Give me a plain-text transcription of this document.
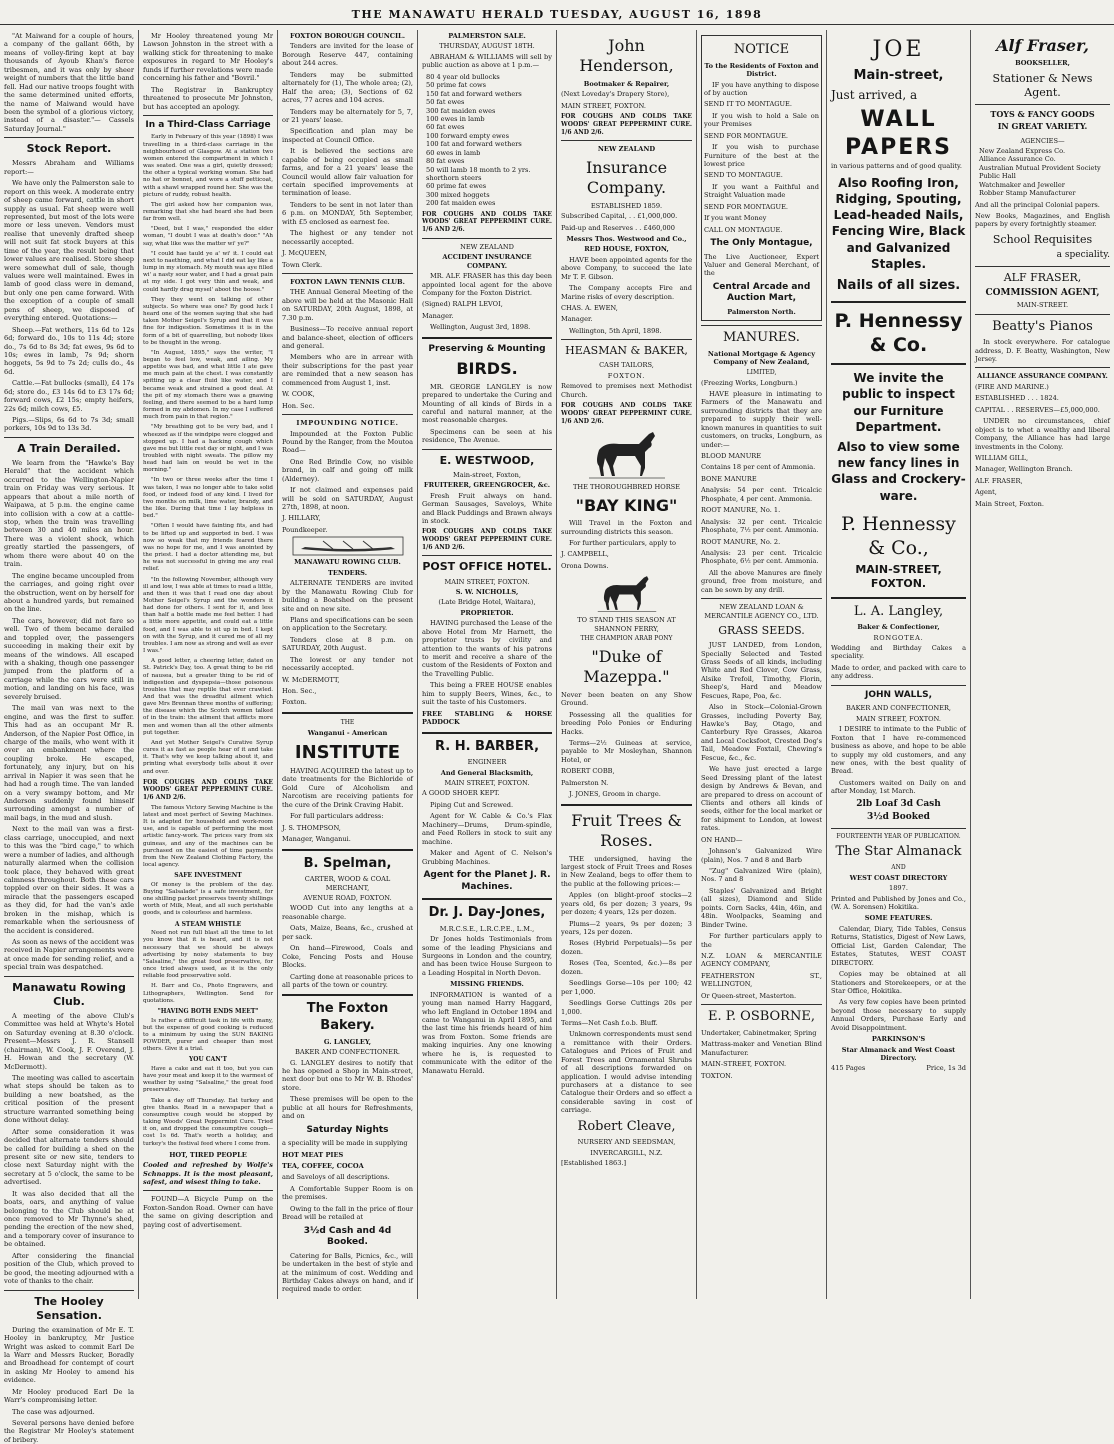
THE MANAWATU HERALD TUESDAY, AUGUST 16, 1898

"At Maiwand for a couple of hours, a company of the gallant 66th, by means of volley-firing kept at bay thousands of Ayoub Khan's fierce tribesmen, and it was only by sheer weight of numbers that the little band fell. Had our native troops fought with the same determined united efforts, the name of Maiwand would have been the symbol of a glorious victory, instead of a disaster."— Cassels Saturday Journal."

Stock Report.

Messrs Abraham and Williams report:—

We have only the Palmerston sale to report on this week. A moderate entry of sheep came forward, cattle in short supply as usual. Fat sheep were well represented, but most of the lots were more or less uneven. Vendors must realise that unevenly drafted sheep will not suit fat stock buyers at this time of the year, the result being that lower values are realised. Store sheep were somewhat dull of sale, though values were well maintained. Ewes in lamb of good class were in demand, but only one pen came forward. With the exception of a couple of small pens of sheep, we disposed of everything entered. Quotations:—

Sheep.—Fat wethers, 11s 6d to 12s 6d; forward do., 10s to 11s 4d; store do., 7s 6d to 8s 3d; fat ewes, 9s 6d to 10s; ewes in lamb, 7s 9d; shorn hoggets, 5s 9d to 7s 2d; culls do., 4s 6d.

Cattle.—Fat bullocks (small), £4 17s 6d; store do., £3 14s 6d to £3 17s 6d; forward cows, £2 15s; empty heifers, 22s 6d; milch cows, £5.

Pigs.—Slips, 6s 6d to 7s 3d; small porkers, 10s 9d to 13s 3d.

A Train Derailed.

We learn from the "Hawke's Bay Herald" that the accident which occurred to the Wellington-Napier train on Friday was very serious. It appears that about a mile north of Waipawa, at 5 p.m. the engine came into collision with a cow at a cattle-stop, when the train was travelling between 30 and 40 miles an hour. There was a violent shock, which greatly startled the passengers, of whom there were about 40 on the train.

The engine became uncoupled from the carriages, and going right over the obstruction, went on by herself for about a hundred yards, but remained on the line.

The cars, however, did not fare so well. Two of them became derailed and toppled over, the passengers succeeding in making their exit by means of the windows. All escaped with a shaking, though one passenger jumped from the platform of a carriage while the cars were still in motion, and landing on his face, was severely bruised.

The mail van was next to the engine, and was the first to suffer. This had as an occupant Mr R. Anderson, of the Napier Post Office, in charge of the mails, who went with it over an embankment where the coupling broke. He escaped, fortunately, any injury, but on his arrival in Napier it was seen that he had had a rough time. The van landed on a very swampy bottom, and Mr Anderson suddenly found himself surrounding amongst a number of mail bags, in the mud and slush.

Next to the mail van was a first-class carriage, unoccupied, and next to this was the "bird cage," to which were a number of ladies, and although naturally alarmed when the collision took place, they behaved with great calmness throughout. Both these cars toppled over on their sides. It was a miracle that the passengers escaped as they did, for had the van's axle broken in the mishap, which is remarkable when the seriousness of the accident is considered.

As soon as news of the accident was received in Napier arrangements were at once made for sending relief, and a special train was despatched.

Manawatu Rowing Club.

A meeting of the above Club's Committee was held at Whyte's Hotel on Saturday evening at 8.30 o'clock. Present—Messrs J. R. Stansell (chairman), W. Cook, J. F. Overend, J. H. Howan and the secretary (W. McDermott).

The meeting was called to ascertain what steps should be taken as to building a new boatshed, as the critical position of the present structure warranted something being done without delay.

After some consideration it was decided that alternate tenders should be called for building a shed on the present site or new site, tenders to close next Saturday night with the secretary at 5 o'clock, the same to be advertised.

It was also decided that all the boats, oars, and anything of value belonging to the Club should be at once removed to Mr Thynne's shed, pending the erection of the new shed, and a temporary cover of insurance to be obtained.

After considering the financial position of the Club, which proved to be good, the meeting adjourned with a vote of thanks to the chair.

The Hooley Sensation.

During the examination of Mr E. T. Hooley in bankruptcy, Mr Justice Wright was asked to commit Earl De la Warr and Messrs Rucker, Boradly and Broadhead for contempt of court in asking Mr Hooley to amend his evidence.

Mr Hooley produced Earl De la Warr's compromising letter.

The case was adjourned.

Several persons have denied before the Registrar Mr Hooley's statement of bribery.

Mr Hooley threatened young Mr Lawson Johnston in the street with a walking stick for threatening to make exposures in regard to Mr Hooley's funds if further revelations were made concerning his father and "Bovril."

The Registrar in Bankruptcy threatened to prosecute Mr Johnston, but has accepted an apology.

In a Third-Class Carriage

Early in February of this year (1898) I was travelling in a third-class carriage in the neighbourhood of Glasgow. At a station two women entered the compartment in which I was seated. One was a girl, quietly dressed; the other a typical working woman. She had no hat or bonnet, and wore a stuff petticoat, with a shawl wrapped round her. She was the picture of ruddy, robust health.

The girl asked how her companion was, remarking that she had heard she had been far from well.

"Deed, but I was," responded the elder woman, "I doubt I was at death's door." "Ah say, what like was the matter wi' ye?"

"I could hae tauld ye a' wi' it. I could eat next to naething, and what I did eat lay like a lump in my stomach. My mouth was aye filled wi' a nasty sour water, and I had a great pain at my side. I got very thin and weak, and could hardly drag mysel' aboot the hoose."

They they went on talking of other subjects. So where was one? By good luck I heard one of the women saying that she had taken Mother Seigel's Syrup and that it was fine for indigestion. Sometimes it is in the form of a bit of quarrelling, but nobody likes to be thought in the wrong.

"In August, 1895," says the writer, "I began to feel low, weak, and ailing. My appetite was bad, and what little I ate gave me much pain at the chest. I was constantly spitting up a clear fluid like water, and I became weak and strained a good deal. At the pit of my stomach there was a gnawing feeling, and there seemed to be a hard lump formed in my abdomen. In my case I suffered much from pain in that region."

"My breathing got to be very bad, and I wheezed as if the windpipe were clogged and stopped up. I had a hacking cough which gave me but little rest day or night, and I was troubled with night sweats. The pillow my head had lain on would be wet in the morning."

"In two or three weeks after the time I was taken, I was no longer able to take solid food, or indeed food of any kind. I lived for two months on milk, lime water, brandy, and the like. During that time I lay helpless in bed."

"Often I would have fainting fits, and had to be lifted up and supported in bed. I was now so weak that my friends feared there was no hope for me, and I was anointed by the priest. I had a doctor attending me, but he was not successful in giving me any real relief.

"In the following November, although very ill and low, I was able at times to read a little, and then it was that I read one day about Mother Seigel's Syrup and the wonders it had done for others. I sent for it, and less than half a bottle made me feel better. I had a little more appetite, and could eat a little food, and I was able to sit up in bed. I kept on with the Syrup, and it cured me of all my troubles. I am now as strong and well as ever I was."

A good letter, a cheering letter, dated on St. Patrick's Day, too. A great thing to be rid of nausea, but a greater thing to be rid of indigestion and dyspepsia—those poisonous troubles that may reptile that ever crawled. And that was the dreadful ailment which gave Mrs Brennan three months of suffering; the disease which the Scotch women talked of in the train: the ailment that afflicts more men and women than all the other ailments put together.

And yet Mother Seigel's Curative Syrup cures it as fast as people hear of it and take it. That's why we keep talking about it, and printing what everybody tells about it over and over.

FOR COUGHS AND COLDS TAKE WOODS' GREAT PEPPERMINT CURE. 1/6 AND 2/6.

The famous Victory Sewing Machine is the latest and most perfect of Sewing Machines. It is adapted for household and work-room use, and is capable of performing the most artistic fancy-work. The prices vary from six guineas, and any of the machines can be purchased on the easiest of time payments from the New Zealand Clothing Factory, the local agency.

SAFE INVESTMENT

Of money is the problem of the day. Buying "Salsalade" is a safe investment, for one shilling packet preserves twenty shillings worth of Milk, Meat, and all such perishable goods, and is colourless and harmless.

A STEAM WHISTLE

Need not run full blast all the time to let you know that it is heard, and it is not necessary that we should be always advertising by noisy statements to buy "Salsaline," the great food preservative, for once tried always used, as it is the only reliable food preservative sold.

H. Barr and Co., Photo Engravers, and Lithographers, Wellington. Send for quotations.

"HAVING BOTH ENDS MEET"

Is rather a difficult task in life with many, but the expense of good cooking is reduced to a minimum by using the SUN BAKING POWDER, purer and cheaper than most others. Give it a trial.

YOU CAN'T

Have a cake and eat it too, but you can have your meat and keep it to the warmest of weather by using "Salsaline," the great food preservative.

Take a day off Thursday. Eat turkey and give thanks. Read in a newspaper that a consumptive cough would be stopped by taking Woods' Great Peppermint Cure. Tried it on, and dropped the consumptive cough—cost 1s 6d. That's worth a holiday, and turkey's the festival feed where I come from.

HOT, TIRED PEOPLE

Cooled and refreshed by Wolfe's Schnapps. It is the most pleasant, safest, and wisest thing to take.

FOUND—A Bicycle Pump on the Foxton-Sandon Road. Owner can have the same on giving description and paying cost of advertisement.

FOXTON BOROUGH COUNCIL.

Tenders are invited for the lease of Borough Reserve 447, containing about 244 acres.

Tenders may be submitted alternately for (1), The whole area; (2), Half the area; (3), Sections of 62 acres, 77 acres and 104 acres.

Tenders may be alternately for 5, 7, or 21 years' lease.

Specification and plan may be inspected at Council Office.

It is believed the sections are capable of being occupied as small farms, and for a 21 years' lease the Council would allow fair valuation for certain specified improvements at termination of lease.

Tenders to be sent in not later than 6 p.m. on MONDAY, 5th September, with £5 enclosed as earnest fee.

The highest or any tender not necessarily accepted.

J. McQUEEN,

Town Clerk.

FOXTON LAWN TENNIS CLUB.

THE Annual General Meeting of the above will be held at the Masonic Hall on SATURDAY, 20th August, 1898, at 7.30 p.m.

Business—To receive annual report and balance-sheet, election of officers and general.

Members who are in arrear with their subscriptions for the past year are reminded that a new season has commenced from August 1, inst.

W. COOK,

Hon. Sec.

IMPOUNDING NOTICE.

Impounded at the Foxton Public Pound by the Ranger, from the Moutoa Road—

One Red Brindle Cow, no visible brand, in calf and going off milk (Alderney).

If not claimed and expenses paid will be sold on SATURDAY, August 27th, 1898, at noon.

J. HILLARY,

Poundkeeper.

MANAWATU ROWING CLUB.
TENDERS.

ALTERNATE TENDERS are invited by the Manawatu Rowing Club for building a Boatshed on the present site and on new site.

Plans and specifications can be seen on application to the Secretary.

Tenders close at 8 p.m. on SATURDAY, 20th August.

The lowest or any tender not necessarily accepted.

W. McDERMOTT,

Hon. Sec.,

Foxton.

THE
Wanganui - American
INSTITUTE

HAVING ACQUIRED the latest up to date treatments for the Bichloride of Gold Cure of Alcoholism and Narcotism are receiving patients for the cure of the Drink Craving Habit.

For full particulars address:

J. S. THOMPSON,

Manager, Wanganui.

B. Spelman,
CARTER, WOOD & COAL MERCHANT,
AVENUE ROAD, FOXTON.

WOOD Cut into any lengths at a reasonable charge.

Oats, Maize, Beans, &c., crushed at per sack.

On hand—Firewood, Coals and Coke, Fencing Posts and House Blocks.

Carting done at reasonable prices to all parts of the town or country.

The Foxton Bakery.
G. LANGLEY,
BAKER AND CONFECTIONER.

G. LANGLEY desires to notify that he has opened a Shop in Main-street, next door but one to Mr W. B. Rhodes' store.

These premises will be open to the public at all hours for Refreshments, and on

Saturday Nights

a speciality will be made in supplying

HOT MEAT PIES

TEA, COFFEE, COCOA

and Saveloys of all descriptions.

A Comfortable Supper Room is on the premises.

Owing to the fall in the price of flour Bread will be retailed at

3½d Cash and 4d Booked.

Catering for Balls, Picnics, &c., will be undertaken in the best of style and at the minimum of cost. Wedding and Birthday Cakes always on hand, and if required made to order.

PALMERSTON SALE.
THURSDAY, AUGUST 18TH.

ABRAHAM & WILLIAMS will sell by public auction as above at 1 p.m.—

80 4 year old bullocks
50 prime fat cows
150 fat and forward wethers
50 fat ewes
300 fat maiden ewes
100 ewes in lamb
60 fat ewes
100 forward empty ewes
100 fat and forward wethers
60 ewes in lamb
80 fat ewes
50 will lamb 18 month to 2 yrs. shorthorn steers
60 prime fat ewes
300 mixed hoggets
200 fat maiden ewes

FOR COUGHS AND COLDS TAKE WOODS' GREAT PEPPERMINT CURE. 1/6 AND 2/6.

NEW ZEALAND
ACCIDENT INSURANCE COMPANY.

MR. ALF. FRASER has this day been appointed local agent for the above Company for the Foxton District.

(Signed) RALPH LEVOI,

Manager.

Wellington, August 3rd, 1898.

Preserving & Mounting
BIRDS.

MR. GEORGE LANGLEY is now prepared to undertake the Curing and Mounting of all kinds of Birds in a careful and natural manner, at the most reasonable charges.

Specimens can be seen at his residence, The Avenue.

E. WESTWOOD,
Main-street, Foxton,
FRUITERER, GREENGROCER, &c.

Fresh Fruit always on hand. German Sausages, Saveloys, White and Black Puddings and Brawn always in stock.

FOR COUGHS AND COLDS TAKE WOODS' GREAT PEPPERMINT CURE. 1/6 AND 2/6.

POST OFFICE HOTEL.
MAIN STREET, FOXTON.
S. W. NICHOLLS,
(Late Bridge Hotel, Waitara),
PROPRIETOR.

HAVING purchased the Lease of the above Hotel from Mr Harnett, the proprietor trusts by civility and attention to the wants of his patrons to merit and receive a share of the custom of the Residents of Foxton and the Travelling Public.

This being a FREE HOUSE enables him to supply Beers, Wines, &c., to suit the taste of his Customers.

FREE STABLING & HORSE PADDOCK

R. H. BARBER,
ENGINEER
And General Blacksmith,
MAIN STREET, FOXTON.

A GOOD SHOER KEPT.

Piping Cut and Screwed.

Agent for W. Cable & Co.'s Flax Machinery—Drums, Drum-spindle, and Feed Rollers in stock to suit any machine.

Maker and Agent of C. Nelson's Grubbing Machines.

Agent for the Planet J. R. Machines.
Dr. J. Day-Jones,
M.R.C.S.E., L.R.C.P.E., L.M.,

Dr Jones holds Testimonials from some of the leading Physicians and Surgeons in London and the country, and has been twice House Surgeon to a Leading Hospital in North Devon.

MISSING FRIENDS.

INFORMATION is wanted of a young man named Harry Haggard, who left England in October 1894 and came to Wanganui in April 1895, and the last time his friends heard of him was from Foxton. Some friends are making inquiries. Any one knowing where he is, is requested to communicate with the editor of the Manawatu Herald.

John Henderson,
Bootmaker & Repairer,

(Next Loveday's Drapery Store),

MAIN STREET, FOXTON.

FOR COUGHS AND COLDS TAKE WOODS' GREAT PEPPERMINT CURE. 1/6 AND 2/6.

NEW ZEALAND
Insurance Company.
ESTABLISHED 1859.

Subscribed Capital, . . £1,000,000.

Paid-up and Reserves . . £460,000

Messrs Thos. Westwood and Co.,
RED HOUSE, FOXTON,

HAVE been appointed agents for the above Company, to succeed the late Mr T. F. Gibson.

The Company accepts Fire and Marine risks of every description.

CHAS. A. EWEN,

Manager.

Wellington, 5th April, 1898.

HEASMAN & BAKER,
CASH TAILORS,
FOXTON.

Removed to premises next Methodist Church.

FOR COUGHS AND COLDS TAKE WOODS' GREAT PEPPERMINT CURE. 1/6 AND 2/6.

THE THOROUGHBRED HORSE
"BAY KING"

Will Travel in the Foxton and surrounding districts this season.

For further particulars, apply to

J. CAMPBELL,

Orona Downs.

TO STAND THIS SEASON AT SHANNON FERRY,
THE CHAMPION ARAB PONY
"Duke of Mazeppa."

Never been beaten on any Show Ground.

Possessing all the qualities for breeding Polo Ponies or Enduring Hacks.

Terms—2½ Guineas at service, payable to Mr Mosleyhan, Shannon Hotel, or

ROBERT COBB,

Palmerston N.

J. JONES, Groom in charge.

Fruit Trees & Roses.

THE undersigned, having the largest stock of Fruit Trees and Roses in New Zealand, begs to offer them to the public at the following prices:—

Apples (on blight-proof stocks—2 years old, 6s per dozen; 3 years, 9s per dozen; 4 years, 12s per dozen.

Plums—2 years, 9s per dozen; 3 years, 12s per dozen.

Roses (Hybrid Perpetuals)—5s per dozen.

Roses (Tea, Scented, &c.)—8s per dozen.

Seedlings Gorse—10s per 100; 42 per 1,000.

Seedlings Gorse Cuttings 20s per 1,000.

Terms—Net Cash f.o.b. Bluff.

Unknown correspondents must send a remittance with their Orders. Catalogues and Prices of Fruit and Forest Trees and Ornamental Shrubs of all descriptions forwarded on application. I would advise intending purchasers at a distance to see Catalogue their Orders and so effect a considerable saving in cost of carriage.

Robert Cleave,
NURSERY AND SEEDSMAN,
INVERCARGILL, N.Z.

[Established 1863.]

NOTICE
To the Residents of Foxton and District.

IF you have anything to dispose of by auction

SEND IT TO MONTAGUE.

If you wish to hold a Sale on your Premises

SEND FOR MONTAGUE.

If you wish to purchase Furniture of the best at the lowest price

SEND TO MONTAGUE.

If you want a Faithful and Straight Valuation made

SEND FOR MONTAGUE.

If you want Money

CALL ON MONTAGUE.

The Only Montague,

The Live Auctioneer, Expert Valuer and General Merchant, of the

Central Arcade and Auction Mart,
Palmerston North.
MANURES.
National Mortgage & Agency Company of New Zealand,
LIMITED,

(Freezing Works, Longburn.)

HAVE pleasure in intimating to Farmers of the Manawatu and surrounding districts that they are prepared to supply their well-known manures in quantities to suit customers, on trucks, Longburn, as under:—

BLOOD MANURE

Contains 18 per cent of Ammonia.

BONE MANURE

Analysis: 54 per cent. Tricalcic Phosphate, 4 per cent. Ammonia.

ROOT MANURE, No. 1.

Analysis: 32 per cent. Tricalcic Phosphate, 7½ per cent. Ammonia.

ROOT MANURE, No. 2.

Analysis: 23 per cent. Tricalcic Phosphate, 6½ per cent. Ammonia.

All the above Manures are finely ground, free from moisture, and can be sown by any drill.

NEW ZEALAND LOAN & MERCANTILE AGENCY CO., LTD.
GRASS SEEDS.

JUST LANDED, from London, Specially Selected and Tested Grass Seeds of all kinds, including White and Red Clover, Cow Grass, Alsike Trefoil, Timothy, Florin, Sheep's, Hard and Meadow Fescues, Rape, Poa, &c.

Also in Stock—Colonial-Grown Grasses, including Poverty Bay, Hawke's Bay, Otago, and Canterbury Rye Grasses, Akaroa and Local Cocksfoot, Crested Dog's Tail, Meadow Foxtail, Chewing's Fescue, &c., &c.

We have just erected a large Seed Dressing plant of the latest design by Andrews & Bevan, and are prepared to dress on account of Clients and others all kinds of seeds, either for the local market or for shipment to London, at lowest rates.

ON HAND—

Johnson's Galvanized Wire (plain), Nos. 7 and 8 and Barb

"Zug" Galvanized Wire (plain), Nos. 7 and 8

Staples' Galvanized and Bright (all sizes), Diamond and Slide points. Corn Sacks, 44in, 46in, and 48in. Woolpacks, Seaming and Binder Twine.

For further particulars apply to the

N.Z. LOAN & MERCANTILE AGENCY COMPANY,

FEATHERSTON ST., WELLINGTON,

Or Queen-street, Masterton.

E. P. OSBORNE,

Undertaker, Cabinetmaker, Spring

Mattrass-maker and Venetian Blind Manufacturer.

MAIN-STREET, FOXTON.

TOXTON.

JOE
Main-street,

Just arrived, a

WALL PAPERS

in various patterns and of good quality.

Also Roofing Iron, Ridging, Spouting, Lead-headed Nails, Fencing Wire, Black and Galvanized Staples.
Nails of all sizes.
P. Hennessy & Co.
We invite the public to inspect our Furniture Department.
Also to view some new fancy lines in Glass and Crockery-ware.
P. Hennessy & Co.,
MAIN-STREET, FOXTON.
L. A. Langley,
Baker & Confectioner,
RONGOTEA.

Wedding and Birthday Cakes a speciality.

Made to order, and packed with care to any address.

JOHN WALLS,
BAKER AND CONFECTIONER,
MAIN STREET, FOXTON.

I DESIRE to intimate to the Public of Foxton that I have re-commenced business as above, and hope to be able to supply my old customers, and any new ones, with the best quality of Bread.

Customers waited on Daily on and after Monday, 1st March.

2lb Loaf 3d Cash
3½d Booked
FOURTEENTH YEAR OF PUBLICATION.
The Star Almanack
AND
WEST COAST DIRECTORY
1897.

Printed and Published by Jones and Co., (W. A. Sorensen) Hokitika.

SOME FEATURES.

Calendar, Diary, Tide Tables, Census Returns, Statistics, Digest of New Laws, Official List, Garden Calendar, The Estates, Statutes, WEST COAST DIRECTORY.

Copies may be obtained at all Stationers and Storekeepers, or at the Star Office, Hokitika.

As very few copies have been printed beyond those necessary to supply Annual Orders, Purchase Early and Avoid Disappointment.

PARKINSON'S
Star Almanack and West Coast Directory.
415 Pages	Price, 1s 3d
Alf Fraser,
BOOKSELLER,
Stationer & News Agent.
TOYS & FANCY GOODS
IN GREAT VARIETY.
AGENCIES—
New Zealand Express Co.
Alliance Assurance Co.
Australian Mutual Provident Society
Public Hall
Watchmaker and Jeweller
Robber Stamp Manufacturer

And all the principal Colonial papers.

New Books, Magazines, and English papers by every fortnightly steamer.

School Requisites
a speciality.
ALF FRASER,
COMMISSION AGENT,
MAIN-STREET.
Beatty's Pianos

In stock everywhere. For catalogue address, D. F. Beatty, Washington, New Jersey.

ALLIANCE ASSURANCE COMPANY.

(FIRE AND MARINE.)

ESTABLISHED . . . 1824.

CAPITAL . . RESERVES—£5,000,000.

UNDER no circumstances, chief object is to whet a wealthy and liberal Company, the Alliance has had large investments in the Colony.

WILLIAM GILL,

Manager, Wellington Branch.

ALF. FRASER,

Agent,

Main Street, Foxton.
